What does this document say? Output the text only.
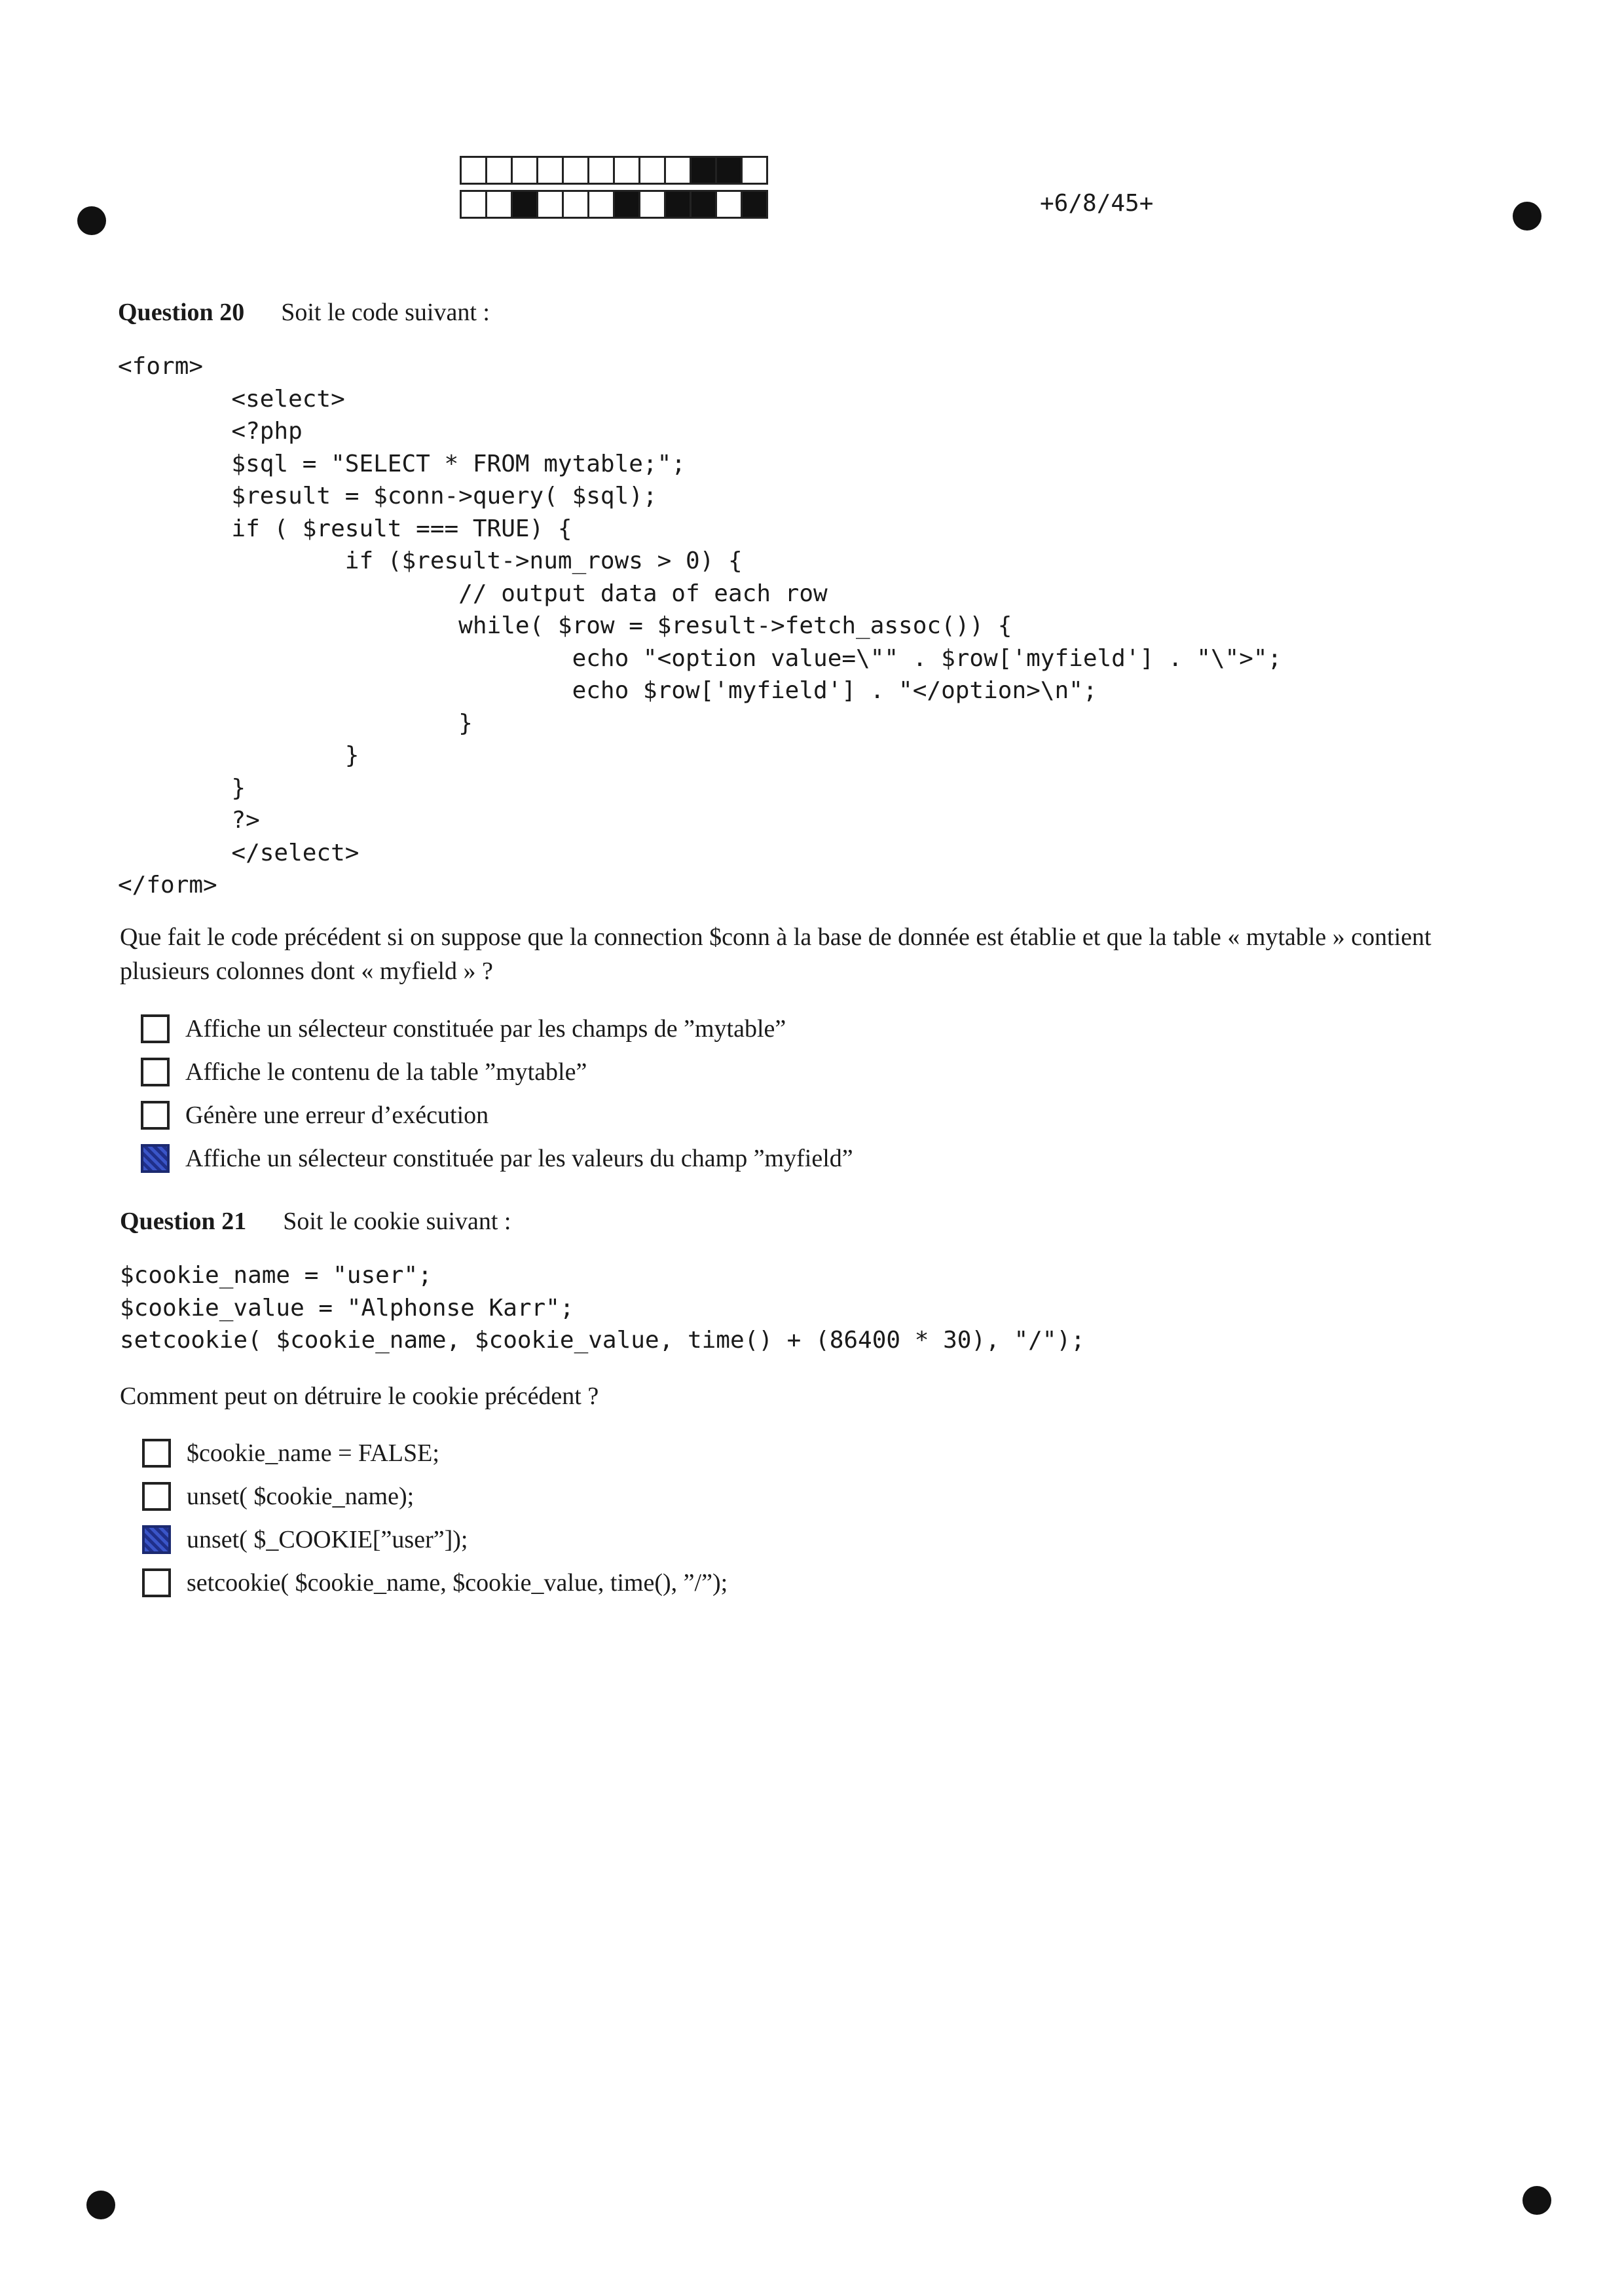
+6/8/45+
Question 20 Soit le code suivant :
<form>
<select>
<?php
$sql = "SELECT * FROM mytable;";
$result = $conn->query( $sql);
if ( $result === TRUE) {
if ($result->num_rows > 0) {
// output data of each row
while( $row = $result->fetch_assoc()) {
echo "<option value=\"" . $row['myfield'] . "\">";
echo $row['myfield'] . "</option>\n";
}
}
}
?>
</select>
</form>
Que fait le code précédent si on suppose que la connection $conn à la base de donnée est établie et que la table « mytable » contient plusieurs colonnes dont « myfield » ?
Affiche un sélecteur constituée par les champs de ”mytable”
Affiche le contenu de la table ”mytable”
Génère une erreur d’exécution
Affiche un sélecteur constituée par les valeurs du champ ”myfield”
Question 21 Soit le cookie suivant :
$cookie_name = "user";
$cookie_value = "Alphonse Karr";
setcookie( $cookie_name, $cookie_value, time() + (86400 * 30), "/");
Comment peut on détruire le cookie précédent ?
$cookie_name = FALSE;
unset( $cookie_name);
unset( $_COOKIE[”user”]);
setcookie( $cookie_name, $cookie_value, time(), ”/”);
